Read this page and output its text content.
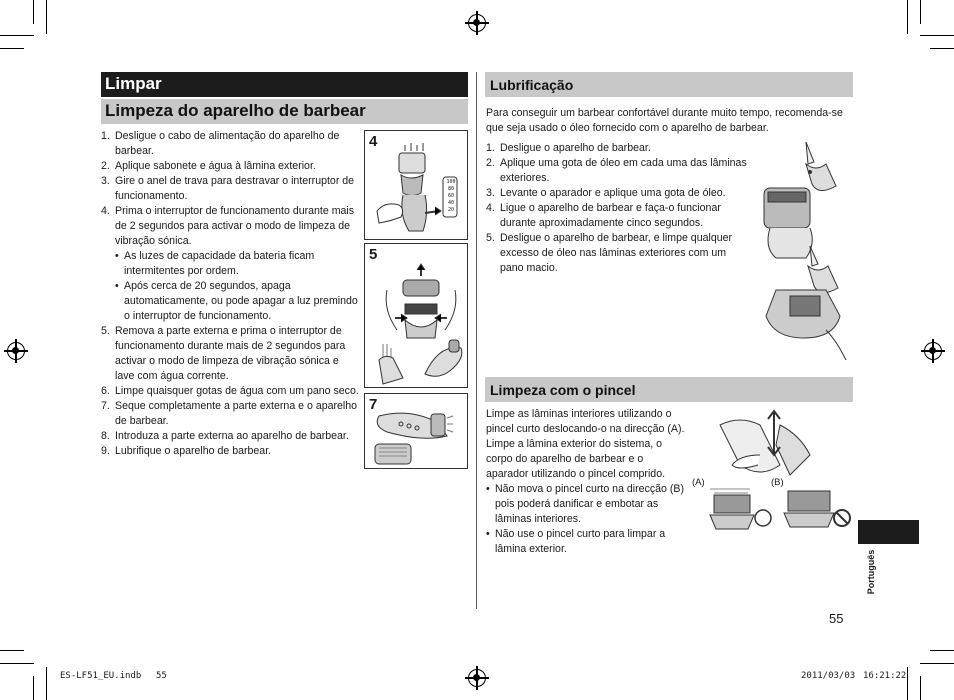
Limpar
Limpeza do aparelho de barbear
1. Desligue o cabo de alimentação do aparelho de barbear.
2. Aplique sabonete e água à lâmina exterior.
3. Gire o anel de trava para destravar o interruptor de funcionamento.
4. Prima o interruptor de funcionamento durante mais de 2 segundos para activar o modo de limpeza de vibração sónica.
• As luzes de capacidade da bateria ficam intermitentes por ordem.
• Após cerca de 20 segundos, apaga automaticamente, ou pode apagar a luz premindo o interruptor de funcionamento.
5. Remova a parte externa e prima o interruptor de funcionamento durante mais de 2 segundos para activar o modo de limpeza de vibração sónica e lave com água corrente.
6. Limpe quaisquer gotas de água com um pano seco.
7. Seque completamente a parte externa e o aparelho de barbear.
8. Introduza a parte externa ao aparelho de barbear.
9. Lubrifique o aparelho de barbear.
4
100
80
60
40
20
5
7
Lubrificação
Para conseguir um barbear confortável durante muito tempo, recomenda-se que seja usado o óleo fornecido com o aparelho de barbear.
1. Desligue o aparelho de barbear.
2. Aplique uma gota de óleo em cada uma das lâminas exteriores.
3. Levante o aparador e aplique uma gota de óleo.
4. Ligue o aparelho de barbear e faça-o funcionar durante aproximadamente cinco segundos.
5. Desligue o aparelho de barbear, e limpe qualquer excesso de óleo nas lâminas exteriores com um pano macio.
Limpeza com o pincel
Limpe as lâminas interiores utilizando o pincel curto deslocando-o na direcção (A).
Limpe a lâmina exterior do sistema, o corpo do aparelho de barbear e o aparador utilizando o pincel comprido.
• Não mova o pincel curto na direcção (B) pois poderá danificar e embotar as lâminas interiores.
• Não use o pincel curto para limpar a lâmina exterior.
(A)	(B)
Português
55
ES-LF51_EU.indb 55	2011/03/03 16:21:22
